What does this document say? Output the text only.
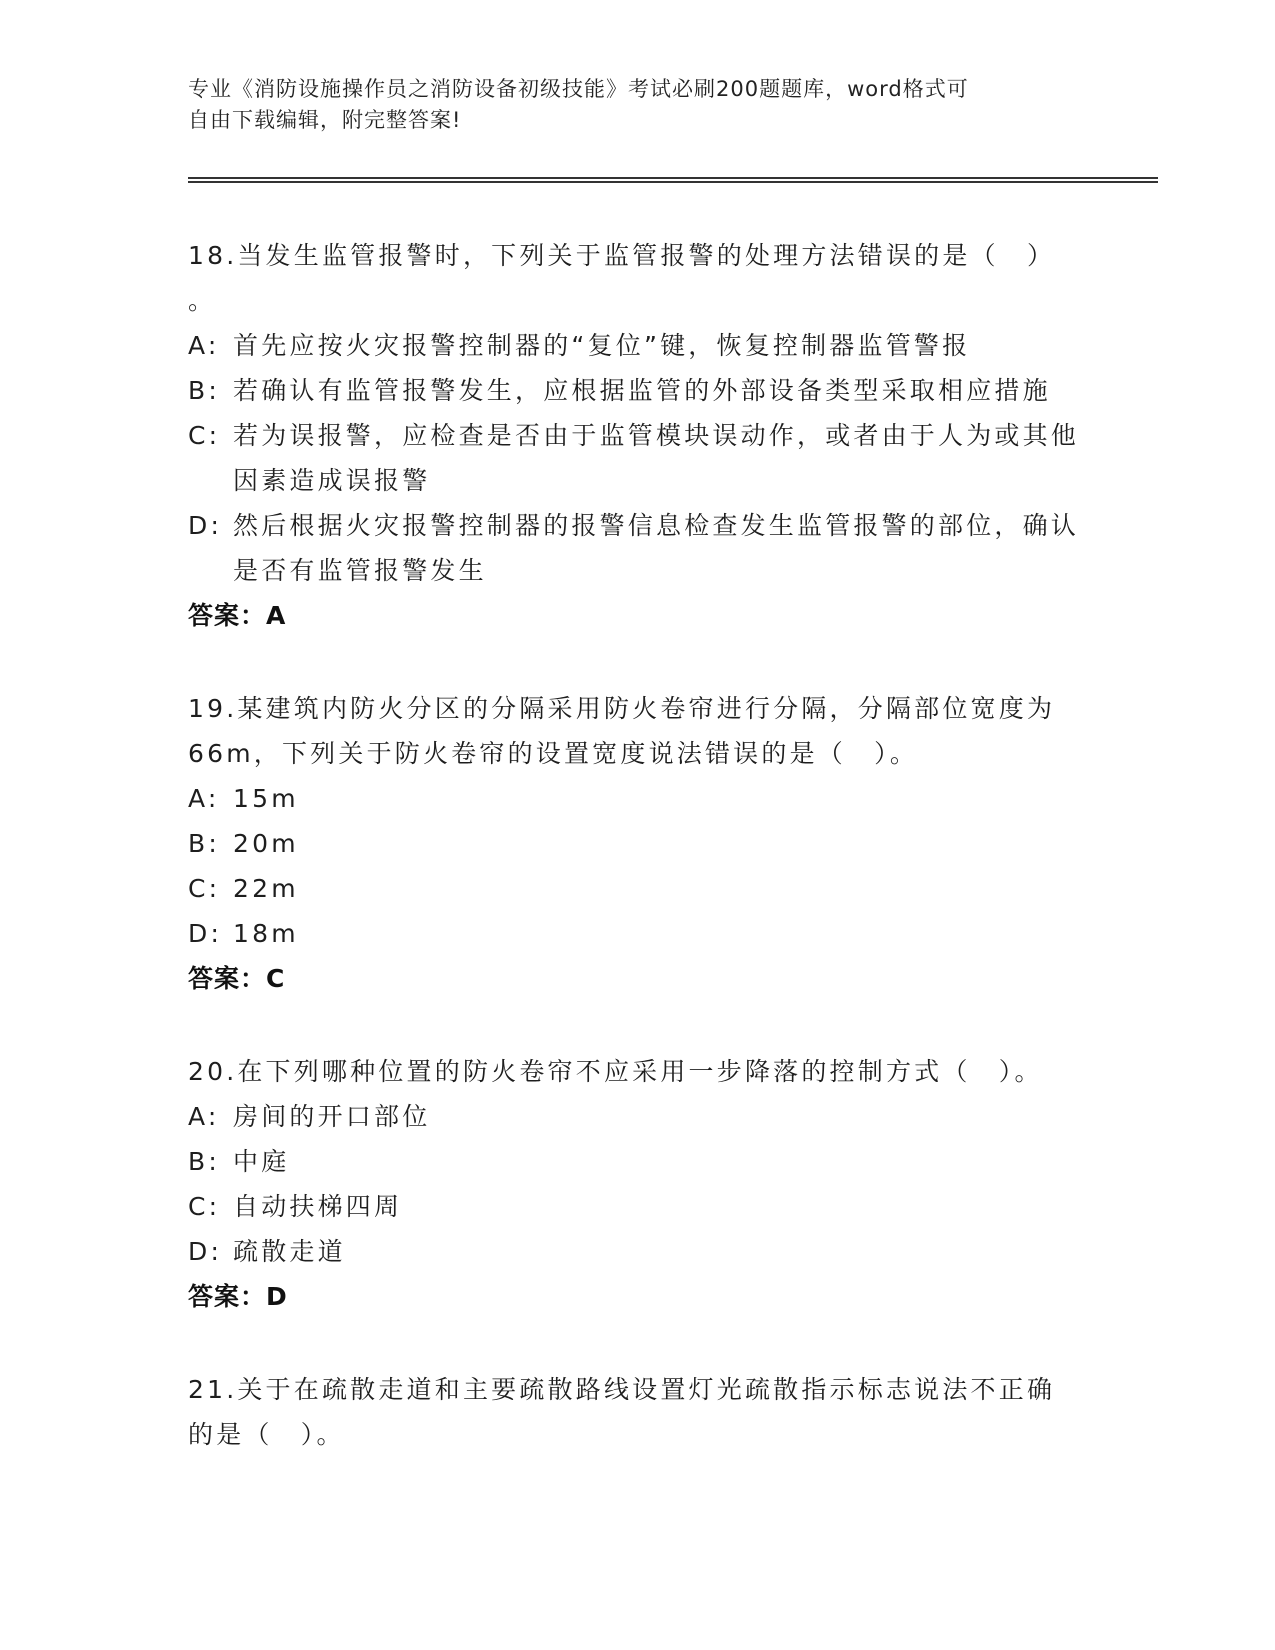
专业《消防设施操作员之消防设备初级技能》考试必刷200题题库，word格式可
自由下载编辑，附完整答案!

18.当发生监管报警时，下列关于监管报警的处理方法错误的是（　）

。

A: 首先应按火灾报警控制器的“复位”键，恢复控制器监管警报
B: 若确认有监管报警发生，应根据监管的外部设备类型采取相应措施
C: 若为误报警，应检查是否由于监管模块误动作，或者由于人为或其他因素造成误报警
D: 然后根据火灾报警控制器的报警信息检查发生监管报警的部位，确认是否有监管报警发生

答案：A

19.某建筑内防火分区的分隔采用防火卷帘进行分隔，分隔部位宽度为

66m，下列关于防火卷帘的设置宽度说法错误的是（　）。

A: 15m
B: 20m
C: 22m
D: 18m

答案：C

20.在下列哪种位置的防火卷帘不应采用一步降落的控制方式（　）。

A: 房间的开口部位
B: 中庭
C: 自动扶梯四周
D: 疏散走道

答案：D

21.关于在疏散走道和主要疏散路线设置灯光疏散指示标志说法不正确

的是（　）。
